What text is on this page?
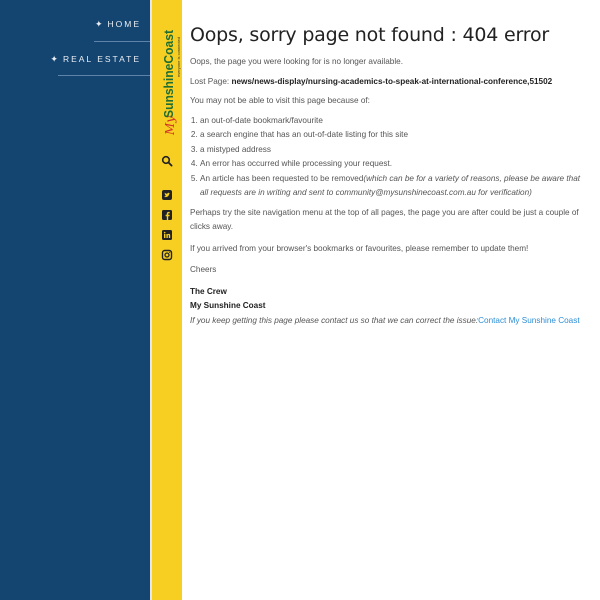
✦ HOME
✦ REAL ESTATE
My
SunshineCoast everyone is connected
Oops, sorry page not found : 404 error

Oops, the page you were looking for is no longer available.

Lost Page: news/news-display/nursing-academics-to-speak-at-international-conference,51502

You may not be able to visit this page because of:

1. an out-of-date bookmark/favourite
2. a search engine that has an out-of-date listing for this site
3. a mistyped address
4. An error has occurred while processing your request.
5. An article has been requested to be removed(which can be for a variety of reasons, please be aware that all requests are in writing and sent to community@mysunshinecoast.com.au for verification)

Perhaps try the site navigation menu at the top of all pages, the page you are after could be just a couple of clicks away.

If you arrived from your browser's bookmarks or favourites, please remember to update them!

Cheers

The Crew

My Sunshine Coast

If you keep getting this page please contact us so that we can correct the issue:Contact My Sunshine Coast
